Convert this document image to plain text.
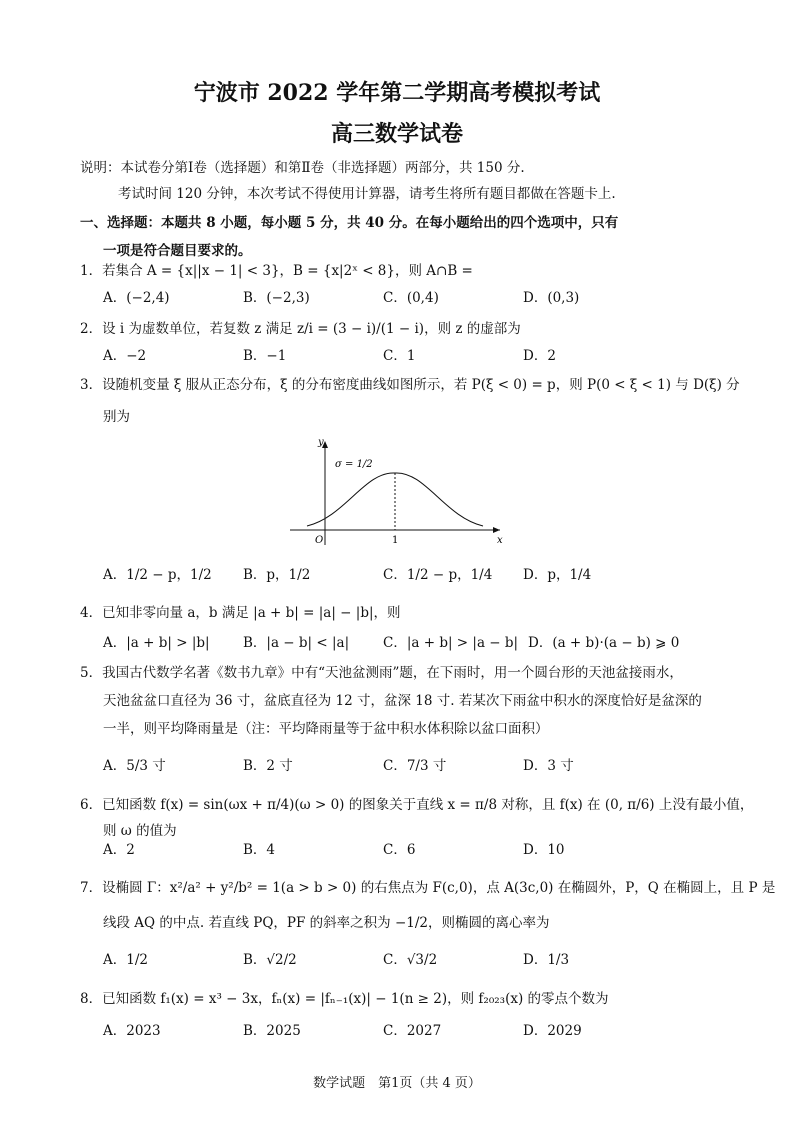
宁波市 2022 学年第二学期高考模拟考试
高三数学试卷
说明：本试卷分第Ⅰ卷（选择题）和第Ⅱ卷（非选择题）两部分，共 150 分.
考试时间 120 分钟，本次考试不得使用计算器，请考生将所有题目都做在答题卡上.
一、选择题：本题共 8 小题，每小题 5 分，共 40 分。在每小题给出的四个选项中，只有
一项是符合题目要求的。
1．若集合 A = {x||x − 1| < 3}，B = {x|2ˣ < 8}，则 A∩B =
A．(−2,4)	B．(−2,3)	C．(0,4)	D．(0,3)
2．设 i 为虚数单位，若复数 z 满足 z/i = (3 − i)/(1 − i)，则 z 的虚部为
A．−2	B．−1	C．1	D．2
3．设随机变量 ξ 服从正态分布，ξ 的分布密度曲线如图所示，若 P(ξ < 0) = p，则 P(0 < ξ < 1) 与 D(ξ) 分
别为
y
x
O	1
σ = 1/2
A．1/2 − p，1/2 B．p，1/2	C．1/2 − p，1/4 D．p，1/4
4．已知非零向量 a，b 满足 |a + b| = |a| − |b|，则
A．|a + b| > |b| B．|a − b| < |a|	C．|a + b| > |a − b| D．(a + b)·(a − b) ⩾ 0
5．我国古代数学名著《数书九章》中有“天池盆测雨”题，在下雨时，用一个圆台形的天池盆接雨水，
天池盆盆口直径为 36 寸，盆底直径为 12 寸，盆深 18 寸. 若某次下雨盆中积水的深度恰好是盆深的
一半，则平均降雨量是（注：平均降雨量等于盆中积水体积除以盆口面积）
A．5/3 寸	B．2 寸	C．7/3 寸	D．3 寸
6．已知函数 f(x) = sin(ωx + π/4)(ω > 0) 的图象关于直线 x = π/8 对称，且 f(x) 在 (0, π/6) 上没有最小值，
则 ω 的值为
A．2	B．4	C．6	D．10
7．设椭圆 Γ：x²/a² + y²/b² = 1(a > b > 0) 的右焦点为 F(c,0)，点 A(3c,0) 在椭圆外，P，Q 在椭圆上，且 P 是
线段 AQ 的中点. 若直线 PQ，PF 的斜率之积为 −1/2，则椭圆的离心率为
A．1/2	B．√2/2	C．√3/2	D．1/3
8．已知函数 f₁(x) = x³ − 3x，fₙ(x) = |fₙ₋₁(x)| − 1(n ≥ 2)，则 f₂₀₂₃(x) 的零点个数为
A．2023	B．2025	C．2027	D．2029
数学试题　第1页（共 4 页）
